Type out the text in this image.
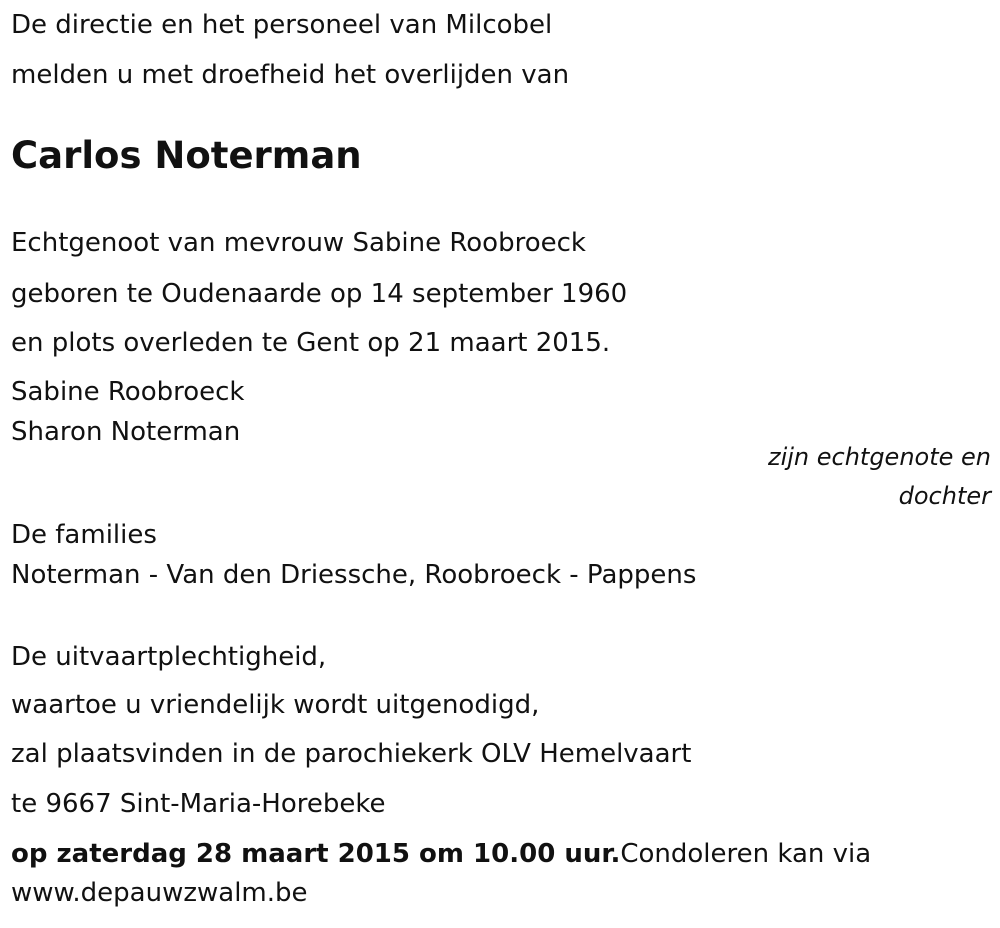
De directie en het personeel van Milcobel
melden u met droefheid het overlijden van
Carlos Noterman
Echtgenoot van mevrouw Sabine Roobroeck
geboren te Oudenaarde op 14 september 1960
en plots overleden te Gent op 21 maart 2015.
Sabine Roobroeck
Sharon Noterman
zijn echtgenote en
dochter
De families
Noterman - Van den Driessche, Roobroeck - Pappens
De uitvaartplechtigheid,
waartoe u vriendelijk wordt uitgenodigd,
zal plaatsvinden in de parochiekerk OLV Hemelvaart
te 9667 Sint-Maria-Horebeke
op zaterdag 28 maart 2015 om 10.00 uur.Condoleren kan via
www.depauwzwalm.be
